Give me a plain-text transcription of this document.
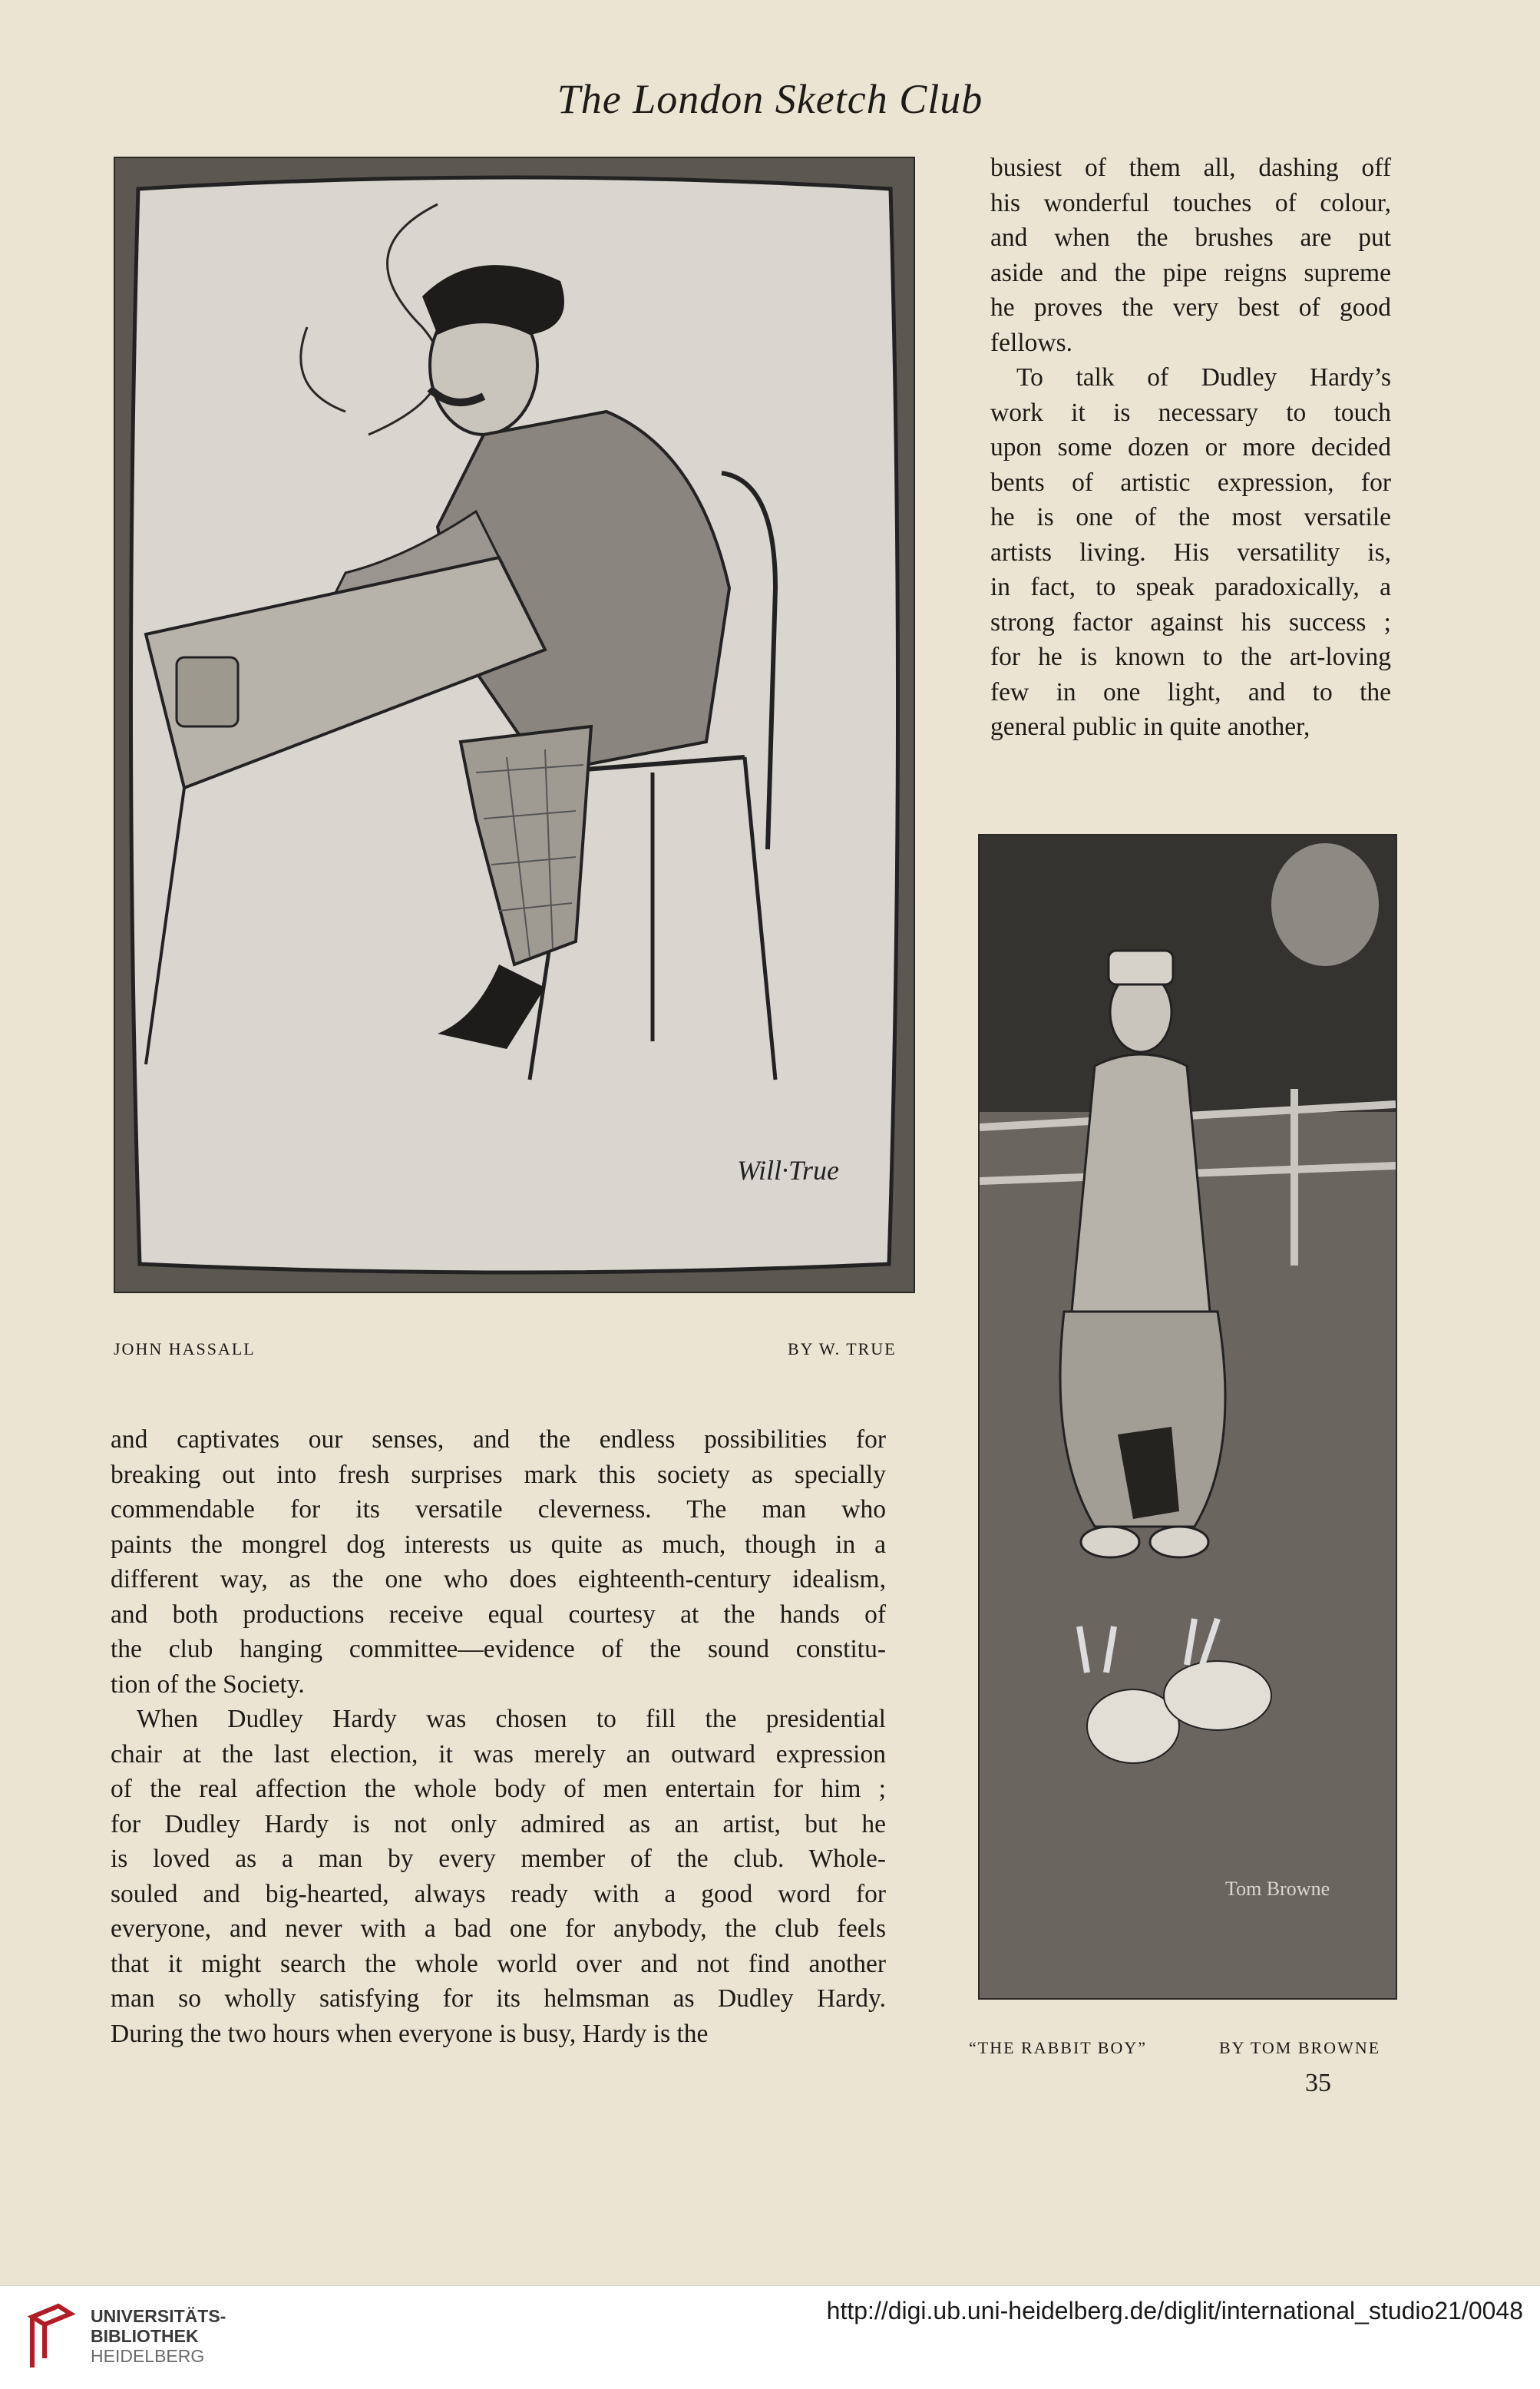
The London Sketch Club

busiest of them all, dashing off

his wonderful touches of colour,

and when the brushes are put

aside and the pipe reigns supreme

he proves the very best of good

fellows.

To talk of Dudley Hardy’s

work it is necessary to touch

upon some dozen or more decided

bents of artistic expression, for

he is one of the most versatile

artists living. His versatility is,

in fact, to speak paradoxically, a

strong factor against his success ;

for he is known to the art-loving

few in one light, and to the

general public in quite another,

Will·True
JOHN HASSALL	BY W. TRUE
Tom Browne

and captivates our senses, and the endless possibilities for

breaking out into fresh surprises mark this society as specially

commendable for its versatile cleverness. The man who

paints the mongrel dog interests us quite as much, though in a

different way, as the one who does eighteenth-century idealism,

and both productions receive equal courtesy at the hands of

the club hanging committee—evidence of the sound constitu-

tion of the Society.

When Dudley Hardy was chosen to fill the presidential

chair at the last election, it was merely an outward expression

of the real affection the whole body of men entertain for him ;

for Dudley Hardy is not only admired as an artist, but he

is loved as a man by every member of the club. Whole-

souled and big-hearted, always ready with a good word for

everyone, and never with a bad one for anybody, the club feels

that it might search the whole world over and not find another

man so wholly satisfying for its helmsman as Dudley Hardy.

During the two hours when everyone is busy, Hardy is the	“THE RABBIT BOY”	BY TOM BROWNE
35
UNIVERSITÄTS-
BIBLIOTHEK
HEIDELBERG
http://digi.ub.uni-heidelberg.de/diglit/international_studio21/0048
